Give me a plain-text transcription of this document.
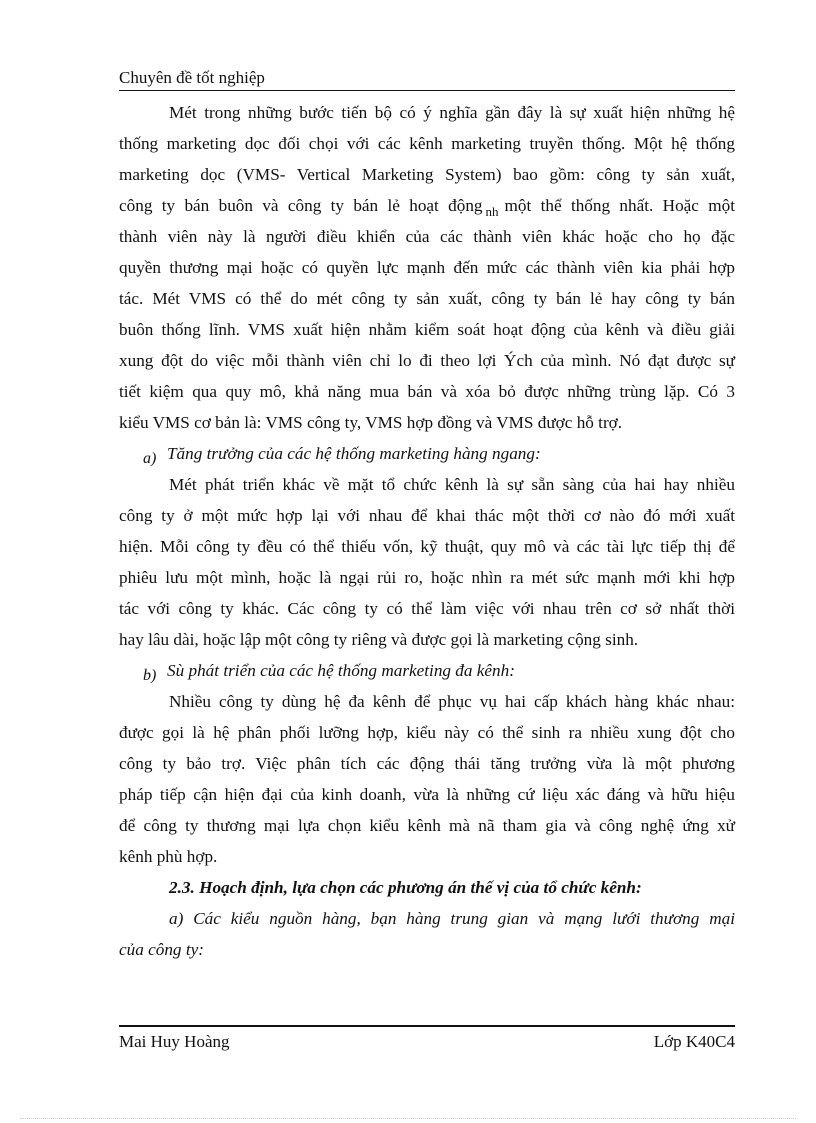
Chuyên đề tốt nghiệp
Mét trong những bước tiến bộ có ý nghĩa gần đây là sự xuất hiện những hệ
thống marketing dọc đối chọi với các kênh marketing truyền thống. Một hệ thống
marketing dọc (VMS- Vertical Marketing System) bao gồm: công ty sản xuất,
công ty bán buôn và công ty bán lẻ hoạt động $_{nh}$ một thể thống nhất. Hoặc một
thành viên này là người điều khiển của các thành viên khác hoặc cho họ đặc
quyền thương mại hoặc có quyền lực mạnh đến mức các thành viên kia phải hợp
tác. Mét VMS có thể do mét công ty sản xuất, công ty bán lẻ hay công ty bán
buôn thống lĩnh. VMS xuất hiện nhằm kiểm soát hoạt động của kênh và điều giải
xung đột do việc mỗi thành viên chỉ lo đi theo lợi Ých của mình. Nó đạt được sự
tiết kiệm qua quy mô, khả năng mua bán và xóa bỏ được những trùng lặp. Có 3
kiểu VMS cơ bản là: VMS công ty, VMS hợp đồng và VMS được hỗ trợ.
a) Tăng trưởng của các hệ thống marketing hàng ngang:
Mét phát triển khác về mặt tổ chức kênh là sự sẵn sàng của hai hay nhiều
công ty ở một mức hợp lại với nhau để khai thác một thời cơ nào đó mới xuất
hiện. Mỗi công ty đều có thể thiếu vốn, kỹ thuật, quy mô và các tài lực tiếp thị để
phiêu lưu một mình, hoặc là ngại rủi ro, hoặc nhìn ra mét sức mạnh mới khi hợp
tác với công ty khác. Các công ty có thể làm việc với nhau trên cơ sở nhất thời
hay lâu dài, hoặc lập một công ty riêng và được gọi là marketing cộng sinh.
b) Sù phát triển của các hệ thống marketing đa kênh:
Nhiều công ty dùng hệ đa kênh để phục vụ hai cấp khách hàng khác nhau:
được gọi là hệ phân phối lưỡng hợp, kiểu này có thể sinh ra nhiều xung đột cho
công ty bảo trợ. Việc phân tích các động thái tăng trưởng vừa là một phương
pháp tiếp cận hiện đại của kinh doanh, vừa là những cứ liệu xác đáng và hữu hiệu
để công ty thương mại lựa chọn kiểu kênh mà nã tham gia và công nghệ ứng xử
kênh phù hợp.
2.3. Hoạch định, lựa chọn các phương án thế vị của tổ chức kênh:
a) Các kiểu nguồn hàng, bạn hàng trung gian và mạng lưới thương mại
của công ty:
Mai Huy Hoàng	Lớp K40C4
